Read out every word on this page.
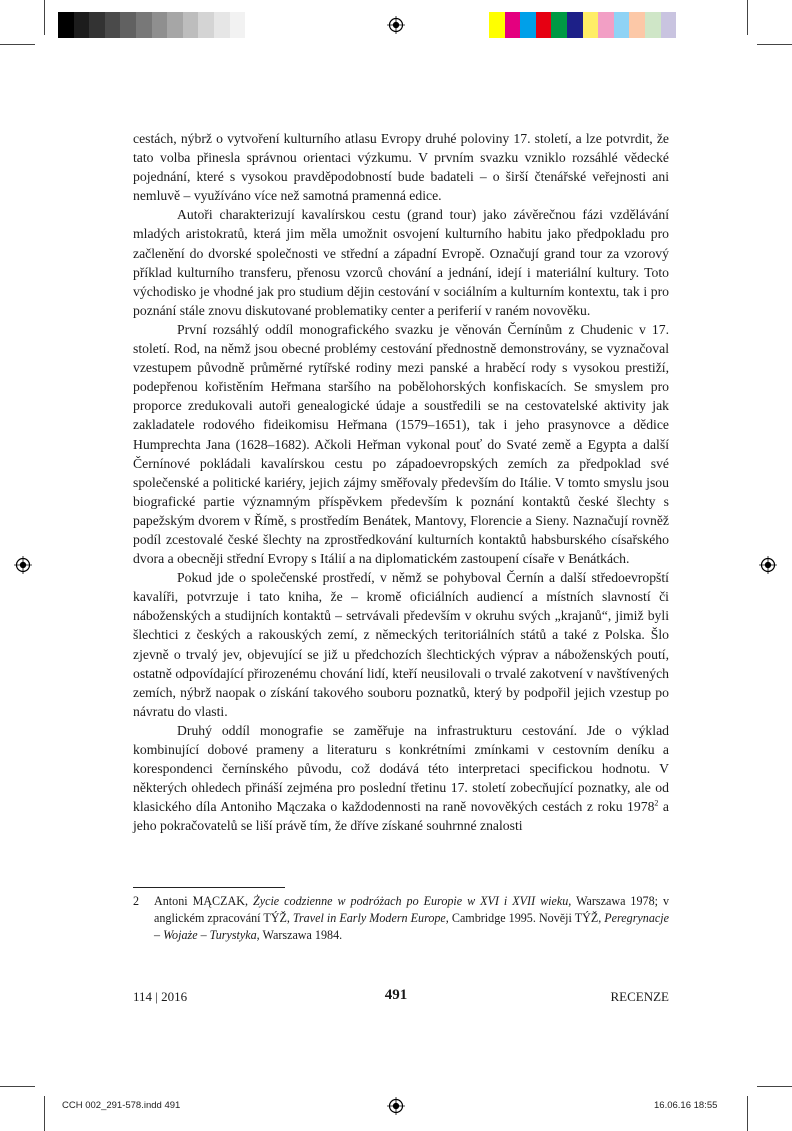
cestách, nýbrž o vytvoření kulturního atlasu Evropy druhé poloviny 17. století, a lze potvrdit, že tato volba přinesla správnou orientaci výzkumu. V prvním svazku vzniklo rozsáhlé vědecké pojednání, které s vysokou pravděpodobností bude badateli – o širší čtenářské veřejnosti ani nemluvě – využíváno více než samotná pramenná edice.

Autoři charakterizují kavalírskou cestu (grand tour) jako závěrečnou fázi vzdělávání mladých aristokratů, která jim měla umožnit osvojení kulturního habitu jako předpokladu pro začlenění do dvorské společnosti ve střední a západní Evropě. Označují grand tour za vzorový příklad kulturního transferu, přenosu vzorců chování a jednání, idejí i materiální kultury. Toto východisko je vhodné jak pro studium dějin cestování v sociálním a kulturním kontextu, tak i pro poznání stále znovu diskutované problematiky center a periferií v raném novověku.

První rozsáhlý oddíl monografického svazku je věnován Černínům z Chudenic v 17. století. Rod, na němž jsou obecné problémy cestování přednostně demonstrovány, se vyznačoval vzestupem původně průměrné rytířské rodiny mezi panské a hraběcí rody s vysokou prestiží, podepřenou kořistěním Heřmana staršího na pobělohorských konfiskacích. Se smyslem pro proporce zredukovali autoři genealogické údaje a soustředili se na cestovatelské aktivity jak zakladatele rodového fideikomisu Heřmana (1579–1651), tak i jeho prasynovce a dědice Humprechta Jana (1628–1682). Ačkoli Heřman vykonal pouť do Svaté země a Egypta a další Černínové pokládali kavalírskou cestu po západoevropských zemích za předpoklad své společenské a politické kariéry, jejich zájmy směřovaly především do Itálie. V tomto smyslu jsou biografické partie významným příspěvkem především k poznání kontaktů české šlechty s papežským dvorem v Římě, s prostředím Benátek, Mantovy, Florencie a Sieny. Naznačují rovněž podíl zcestovalé české šlechty na zprostředkování kulturních kontaktů habsburského císařského dvora a obecněji střední Evropy s Itálií a na diplomatickém zastoupení císaře v Benátkách.

Pokud jde o společenské prostředí, v němž se pohyboval Černín a další středoevropští kavalíři, potvrzuje i tato kniha, že – kromě oficiálních audiencí a místních slavností či náboženských a studijních kontaktů – setrvávali především v okruhu svých „krajanů“, jimiž byli šlechtici z českých a rakouských zemí, z německých teritoriálních států a také z Polska. Šlo zjevně o trvalý jev, objevující se již u předchozích šlechtických výprav a náboženských poutí, ostatně odpovídající přirozenému chování lidí, kteří neusilovali o trvalé zakotvení v navštívených zemích, nýbrž naopak o získání takového souboru poznatků, který by podpořil jejich vzestup po návratu do vlasti.

Druhý oddíl monografie se zaměřuje na infrastrukturu cestování. Jde o výklad kombinující dobové prameny a literaturu s konkrétními zmínkami v cestovním deníku a korespondenci černínského původu, což dodává této interpretaci specifickou hodnotu. V některých ohledech přináší zejména pro poslední třetinu 17. století zobecňující poznatky, ale od klasického díla Antoniho Mączaka o každodennosti na raně novověkých cestách z roku 1978$^2$ a jeho pokračovatelů se liší právě tím, že dříve získané souhrnné znalosti

2 Antoni MĄCZAK, Życie codzienne w podróżach po Europie w XVI i XVII wieku, Warszawa 1978; v anglickém zpracování TÝŽ, Travel in Early Modern Europe, Cambridge 1995. Nověji TÝŽ, Peregrynacje – Wojaże – Turystyka, Warszawa 1984.
114 | 2016	491	RECENZE
CCH 002_291-578.indd 491	16.06.16 18:55
